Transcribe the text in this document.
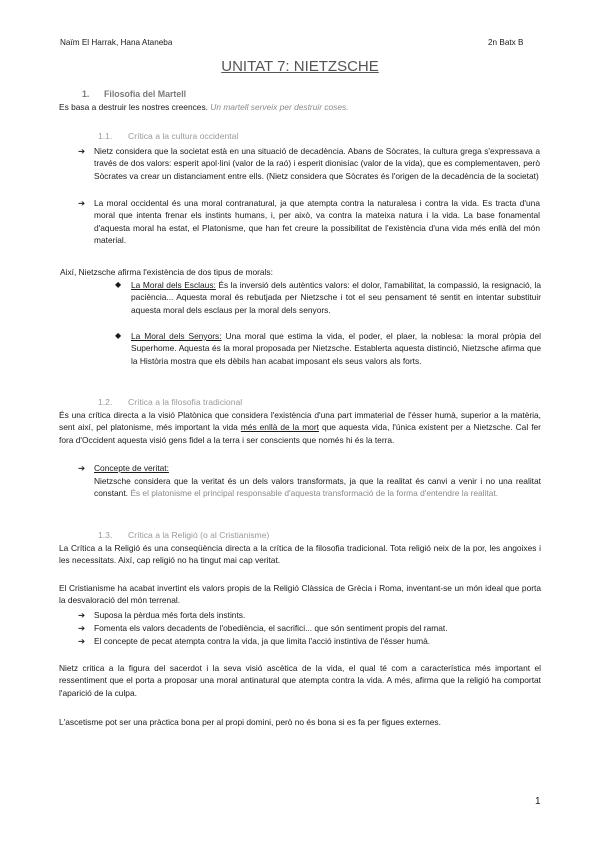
Naïm El Harrak, Hana Ataneba	2n Batx B
UNITAT 7: NIETZSCHE
1. Filosofia del Martell
Es basa a destruir les nostres creences. Un martell serveix per destruir coses.
1.1. Crítica a la cultura occidental
➔ Nietz considera que la societat està en una situació de decadència. Abans de Sòcrates, la cultura grega s'expressava a través de dos valors: esperit apol·lini (valor de la raó) i esperit dionisíac (valor de la vida), que es complementaven, però Sòcrates va crear un distanciament entre ells. (Nietz considera que Sòcrates és l'origen de la decadència de la societat)
➔ La moral occidental és una moral contranatural, ja que atempta contra la naturalesa i contra la vida. Es tracta d'una moral que intenta frenar els instints humans, i, per això, va contra la mateixa natura i la vida. La base fonamental d'aquesta moral ha estat, el Platonisme, que han fet creure la possibilitat de l'existència d'una vida més enllà del món material.
Així, Nietzsche afirma l'existència de dos tipus de morals:
◆ La Moral dels Esclaus: És la inversió dels autèntics valors: el dolor, l'amabilitat, la compassió, la resignació, la paciència... Aquesta moral és rebutjada per Nietzsche i tot el seu pensament té sentit en intentar substituir aquesta moral dels esclaus per la moral dels senyors.
◆ La Moral dels Senyors: Una moral que estima la vida, el poder, el plaer, la noblesa: la moral pròpia del Superhome. Aquesta és la moral proposada per Nietzsche. Establerta aquesta distinció, Nietzsche afirma que la Història mostra que els dèbils han acabat imposant els seus valors als forts.
1.2. Crítica a la filosofia tradicional
És una crítica directa a la visió Platònica que considera l'existència d'una part immaterial de l'ésser humà, superior a la matèria, sent així, pel platonisme, més important la vida més enllà de la mort que aquesta vida, l'única existent per a Nietzsche. Cal fer fora d'Occident aquesta visió gens fidel a la terra i ser conscients que només hi és la terra.
➔ Concepte de veritat:
Nietzsche considera que la veritat és un dels valors transformats, ja que la realitat és canvi a venir i no una realitat constant. És el platonisme el principal responsable d'aquesta transformació de la forma d'entendre la realitat.
1.3. Crítica a la Religió (o al Cristianisme)
La Crítica a la Religió és una conseqüència directa a la crítica de la filosofia tradicional. Tota religió neix de la por, les angoixes i les necessitats. Així, cap religió no ha tingut mai cap veritat.
El Cristianisme ha acabat invertint els valors propis de la Religió Clàssica de Grècia i Roma, inventant-se un món ideal que porta la desvaloració del món terrenal.
➔ Suposa la pèrdua més forta dels instints.
➔ Fomenta els valors decadents de l'obediència, el sacrifici... que són sentiment propis del ramat.
➔ El concepte de pecat atempta contra la vida, ja que limita l'acció instintiva de l'ésser humà.
Nietz critica a la figura del sacerdot i la seva visió ascètica de la vida, el qual té com a característica més important el ressentiment que el porta a proposar una moral antinatural que atempta contra la vida. A més, afirma que la religió ha comportat l'aparició de la culpa.
L'ascetisme pot ser una pràctica bona per al propi domini, però no és bona si es fa per figues externes.
1
